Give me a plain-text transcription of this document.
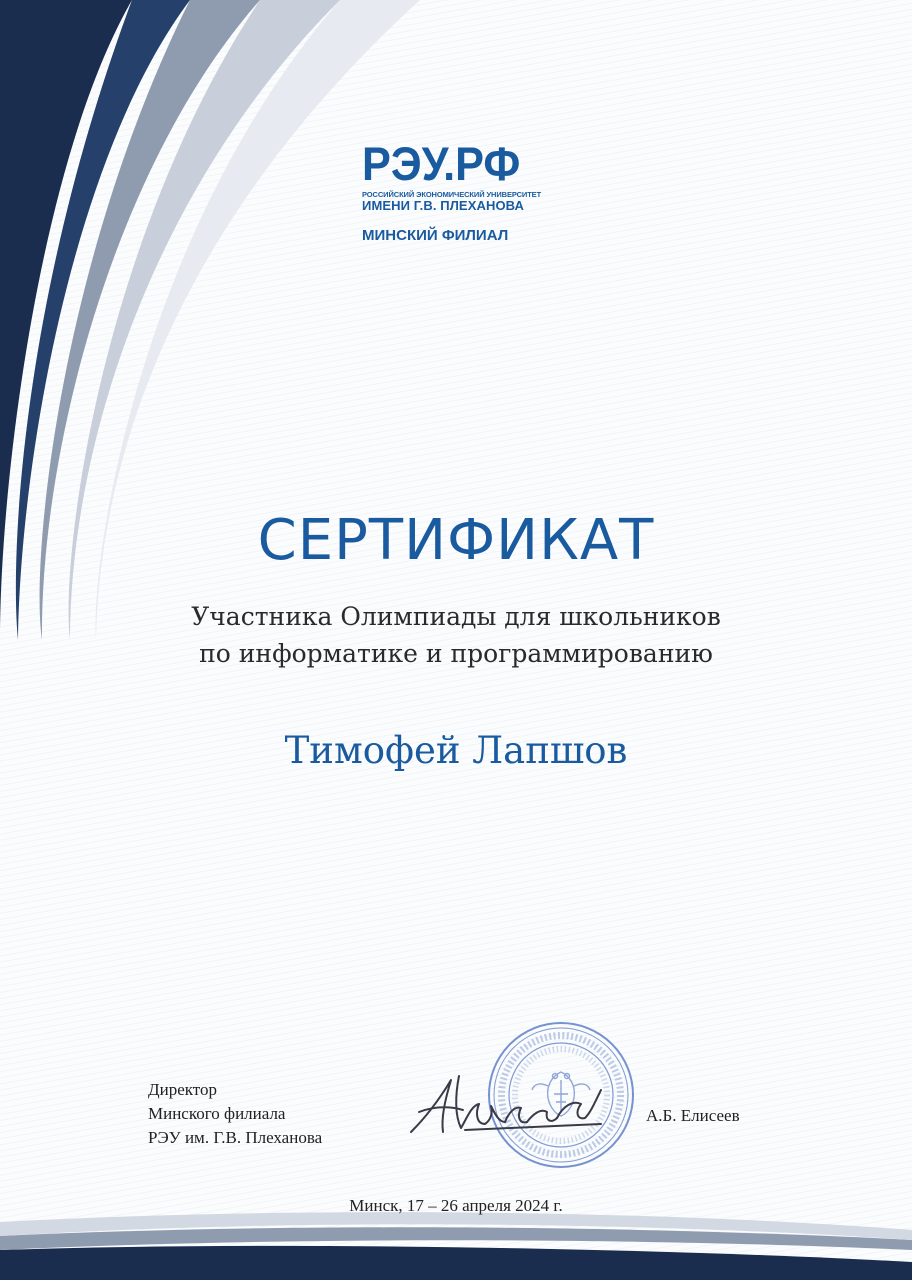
РЭУ.РФ
РОССИЙСКИЙ ЭКОНОМИЧЕСКИЙ УНИВЕРСИТЕТ
ИМЕНИ Г.В. ПЛЕХАНОВА
МИНСКИЙ ФИЛИАЛ
СЕРТИФИКАТ
Участника Олимпиады для школьников
по информатике и программированию
Тимофей Лапшов
Директор
Минского филиала
РЭУ им. Г.В. Плеханова
А.Б. Елисеев
Минск, 17 – 26 апреля 2024 г.
